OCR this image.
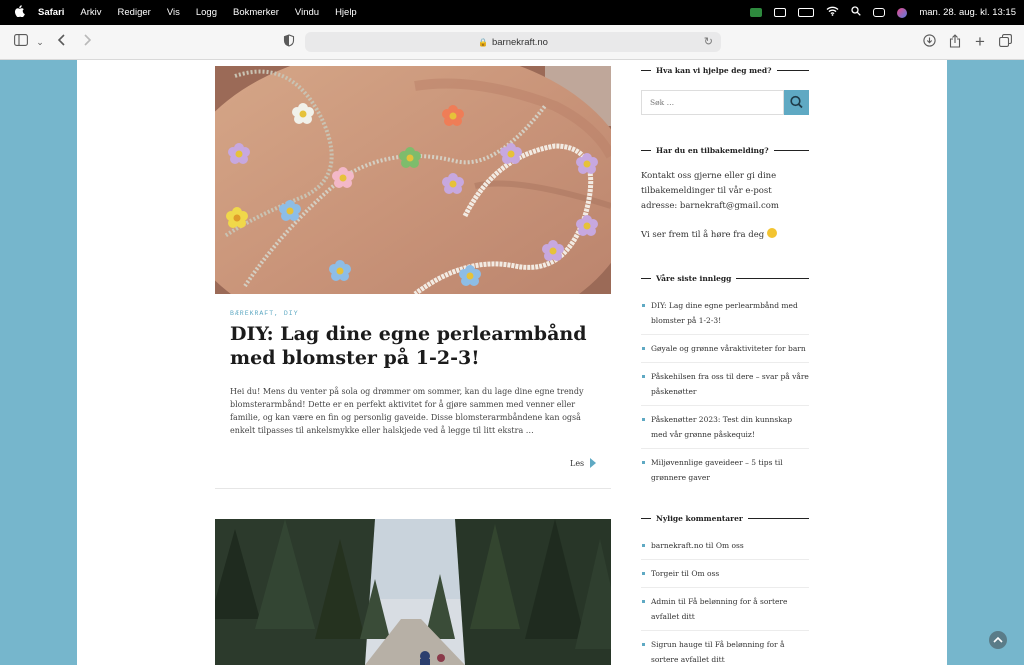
Safari Arkiv Rediger Vis Logg Bokmerker Vindu Hjelp	man. 28. aug. kl. 13:15
⌄	🔒 barnekraft.no	↻	+
BÆREKRAFT, DIY
DIY: Lag dine egne perlearmbånd med blomster på 1-2-3!

Hei du! Mens du venter på sola og drømmer om sommer, kan du lage dine egne trendy blomsterarmbånd! Dette er en perfekt aktivitet for å gjøre sammen med venner eller familie, og kan være en fin og personlig gaveide. Disse blomsterarmbåndene kan også enkelt tilpasses til ankelsmykke eller halskjede ved å legge til litt ekstra …

Les
Hva kan vi hjelpe deg med?
Søk …
Har du en tilbakemelding?

Kontakt oss gjerne eller gi dine tilbakemeldinger til vår e-post adresse: barnekraft@gmail.com

Vi ser frem til å høre fra deg

Våre siste innlegg
DIY: Lag dine egne perlearmbånd med blomster på 1-2-3!
Gøyale og grønne våraktiviteter for barn
Påskehilsen fra oss til dere – svar på våre påskenøtter
Påskenøtter 2023: Test din kunnskap med vår grønne påskequiz!
Miljøvennlige gaveideer – 5 tips til grønnere gaver
Nylige kommentarer
barnekraft.no til Om oss
Torgeir til Om oss
Admin til Få belønning for å sortere avfallet ditt
Sigrun hauge til Få belønning for å sortere avfallet ditt
